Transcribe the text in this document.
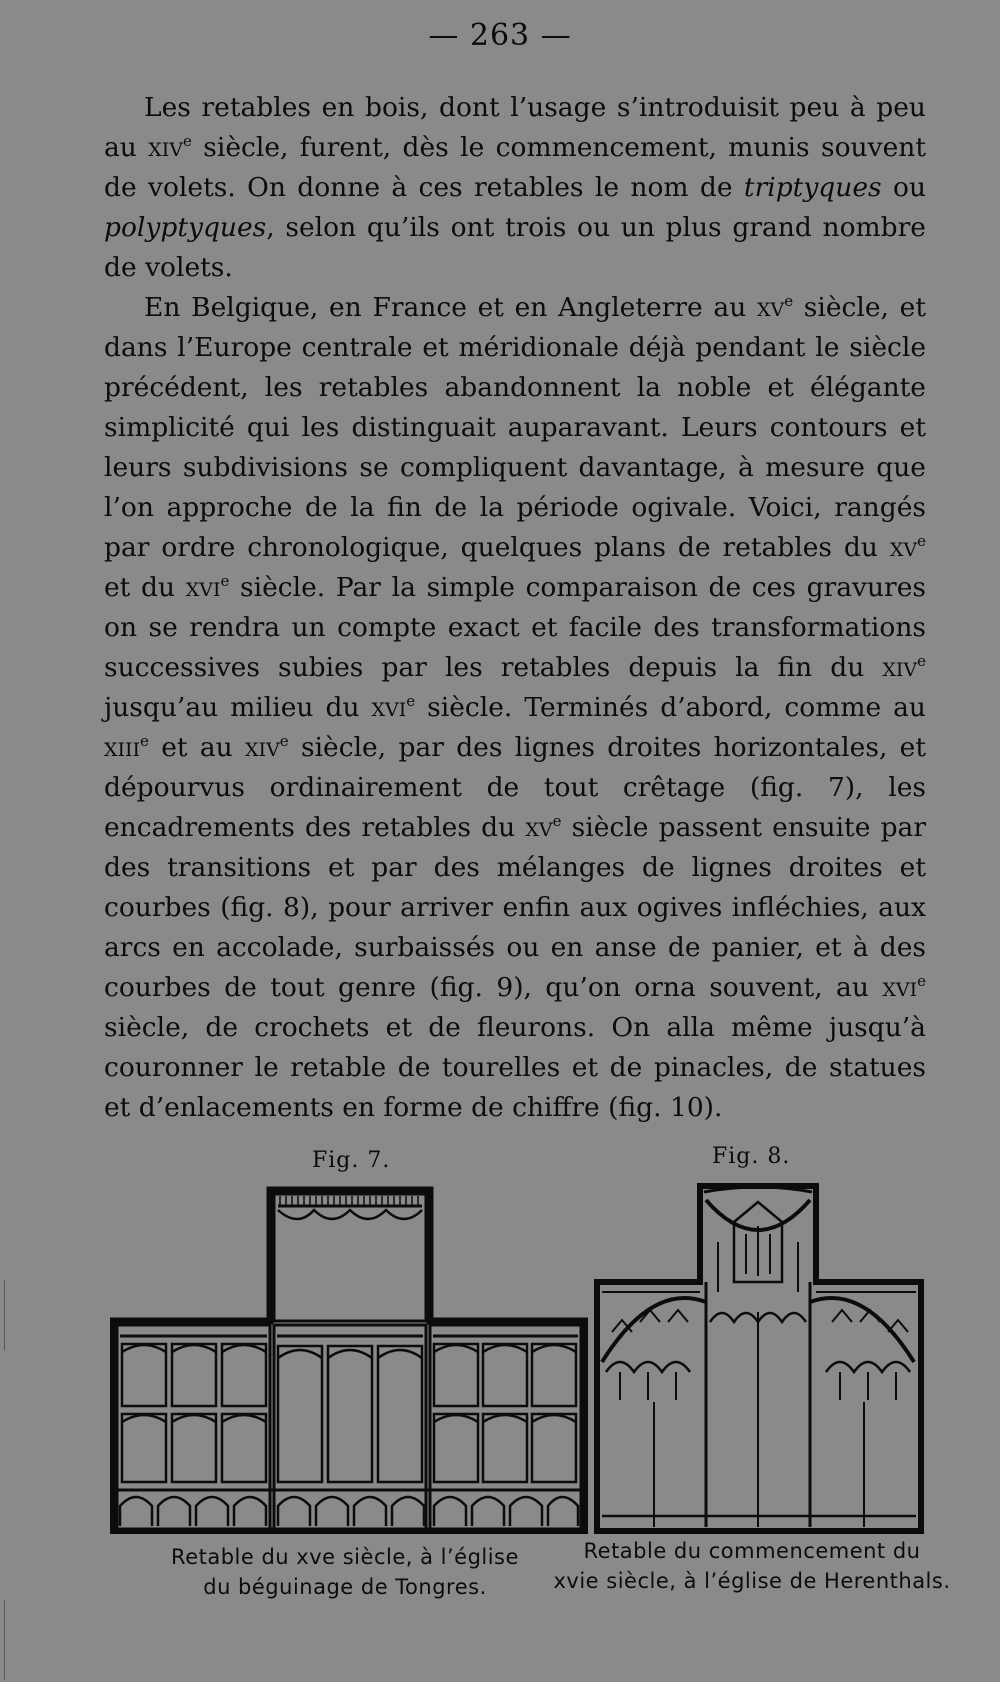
— 263 —

Les retables en bois, dont l’usage s’introduisit peu à peu au xiv$^e$ siècle, furent, dès le commencement, munis souvent de volets. On donne à ces retables le nom de triptyques ou polyptyques, selon qu’ils ont trois ou un plus grand nombre de volets.

En Belgique, en France et en Angleterre au $xv^e$ siècle, et dans l’Europe centrale et méridionale déjà pendant le siècle précédent, les retables abandonnent la noble et élégante simplicité qui les distinguait auparavant. Leurs contours et leurs subdivisions se compliquent davantage, à mesure que l’on approche de la fin de la période ogivale. Voici, rangés par ordre chronologique, quelques plans de retables du $xv^e$ et du xvi$^e$ siècle. Par la simple comparaison de ces gravures on se rendra un compte exact et facile des transformations successives subies par les retables depuis la fin du xiv$^e$ jusqu’au milieu du xvi$^e$ siècle. Terminés d’abord, comme au xiii$^e$ et au xiv$^e$ siècle, par des lignes droites horizontales, et dépourvus ordinairement de tout crêtage (fig. 7), les encadrements des retables du $xv^e$ siècle passent ensuite par des transitions et par des mélanges de lignes droites et courbes (fig. 8), pour arriver enfin aux ogives infléchies, aux arcs en accolade, surbaissés ou en anse de panier, et à des courbes de tout genre (fig. 9), qu’on orna souvent, au xvi$^e$ siècle, de crochets et de fleurons. On alla même jusqu’à couronner le retable de tourelles et de pinacles, de statues et d’enlacements en forme de chiffre (fig. 10).

Fig. 7.
Retable du xve siècle, à l’église
du béguinage de Tongres.
Fig. 8.
Retable du commencement du
xvie siècle, à l’église de Herenthals.
